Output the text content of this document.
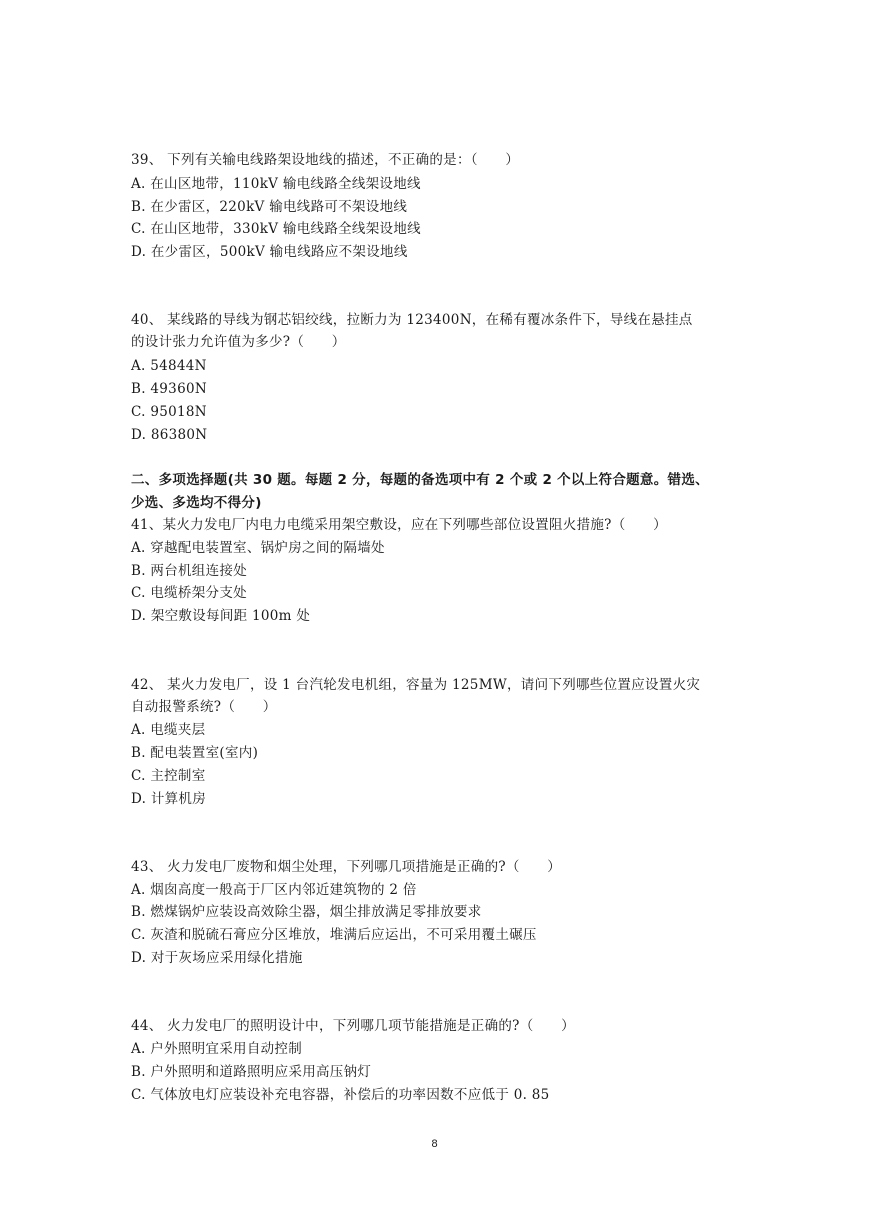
39、 下列有关输电线路架设地线的描述，不正确的是：（　　）
A. 在山区地带，110kV 输电线路全线架设地线
B. 在少雷区，220kV 输电线路可不架设地线
C. 在山区地带，330kV 输电线路全线架设地线
D. 在少雷区，500kV 输电线路应不架设地线
40、 某线路的导线为钢芯铝绞线，拉断力为 123400N，在稀有覆冰条件下，导线在悬挂点
的设计张力允许值为多少?（　　）
A. 54844N
B. 49360N
C. 95018N
D. 86380N
二、多项选择题(共 30 题。每题 2 分，每题的备选项中有 2 个或 2 个以上符合题意。错选、
少选、多选均不得分)
41、某火力发电厂内电力电缆采用架空敷设，应在下列哪些部位设置阻火措施?（　　）
A. 穿越配电装置室、锅炉房之间的隔墙处
B. 两台机组连接处
C. 电缆桥架分支处
D. 架空敷设每间距 100m 处
42、 某火力发电厂，设 1 台汽轮发电机组，容量为 125MW，请问下列哪些位置应设置火灾
自动报警系统?（　　）
A. 电缆夹层
B. 配电装置室(室内)
C. 主控制室
D. 计算机房
43、 火力发电厂废物和烟尘处理，下列哪几项措施是正确的?（　　）
A. 烟囱高度一般高于厂区内邻近建筑物的 2 倍
B. 燃煤锅炉应装设高效除尘器，烟尘排放满足零排放要求
C. 灰渣和脱硫石膏应分区堆放，堆满后应运出，不可采用覆土碾压
D. 对于灰场应采用绿化措施
44、 火力发电厂的照明设计中，下列哪几项节能措施是正确的?（　　）
A. 户外照明宜采用自动控制
B. 户外照明和道路照明应采用高压钠灯
C. 气体放电灯应装设补充电容器，补偿后的功率因数不应低于 0. 85
8
